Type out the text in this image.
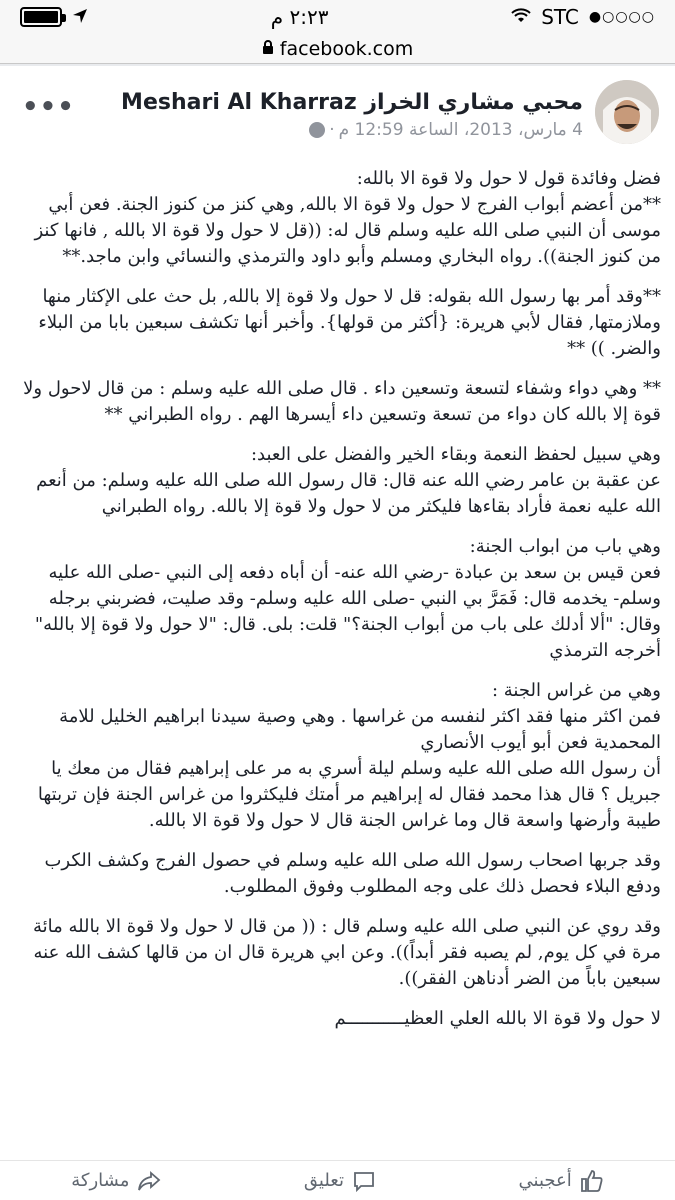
٢:٢٣ م	STC ●○○○○
facebook.com
محبي مشاري الخراز Meshari Al Kharraz
4 مارس، 2013، الساعة 12:59 م
·
•••

فضل وفائدة قول لا حول ولا قوة الا بالله:
**من أعضم أبواب الفرج لا حول ولا قوة الا بالله, وهي كنز من كنوز الجنة. فعن أبي موسى أن النبي صلى الله عليه وسلم قال له: ((قل لا حول ولا قوة الا بالله , فانها كنز من كنوز الجنة)). رواه البخاري ومسلم وأبو داود والترمذي والنسائي وابن ماجد.**

**وقد أمر بها رسول الله بقوله: قل لا حول ولا قوة إلا بالله, بل حث على الإكثار منها وملازمتها, فقال لأبي هريرة: {أكثر من قولها}. وأخبر أنها تكشف سبعين بابا من البلاء والضر. )) **

** وهي دواء وشفاء لتسعة وتسعين داء . قال صلى الله عليه وسلم : من قال لاحول ولا قوة إلا بالله كان دواء من تسعة وتسعين داء أيسرها الهم . رواه الطبراني **

وهي سبيل لحفظ النعمة وبقاء الخير والفضل على العبد:
عن عقبة بن عامر رضي الله عنه قال: قال رسول الله صلى الله عليه وسلم: من أنعم الله عليه نعمة فأراد بقاءها فليكثر من لا حول ولا قوة إلا بالله. رواه الطبراني

وهي باب من ابواب الجنة:
فعن قيس بن سعد بن عبادة -رضي الله عنه- أن أباه دفعه إلى النبي -صلى الله عليه وسلم- يخدمه قال: فَمَرَّ بي النبي -صلى الله عليه وسلم- وقد صليت، فضربني برجله وقال: "ألا أدلك على باب من أبواب الجنة؟" قلت: بلى. قال: "لا حول ولا قوة إلا بالله" أخرجه الترمذي

وهي من غراس الجنة :
فمن اكثر منها فقد اكثر لنفسه من غراسها . وهي وصية سيدنا ابراهيم الخليل للامة المحمدية فعن أبو أيوب الأنصاري
أن رسول الله صلى الله عليه وسلم ليلة أسري به مر على إبراهيم فقال من معك يا جبريل ؟ قال هذا محمد فقال له إبراهيم مر أمتك فليكثروا من غراس الجنة فإن تربتها طيبة وأرضها واسعة قال وما غراس الجنة قال لا حول ولا قوة الا بالله.

وقد جربها اصحاب رسول الله صلى الله عليه وسلم في حصول الفرج وكشف الكرب ودفع البلاء فحصل ذلك على وجه المطلوب وفوق المطلوب.

وقد روي عن النبي صلى الله عليه وسلم قال : (( من قال لا حول ولا قوة الا بالله مائة مرة في كل يوم, لم يصبه فقر أبداً)). وعن ابي هريرة قال ان من قالها كشف الله عنه سبعين باباً من الضر أدناهن الفقر)).

لا حول ولا قوة الا بالله العلي العظيـــــــــــم

أعجبني
تعليق
مشاركة
